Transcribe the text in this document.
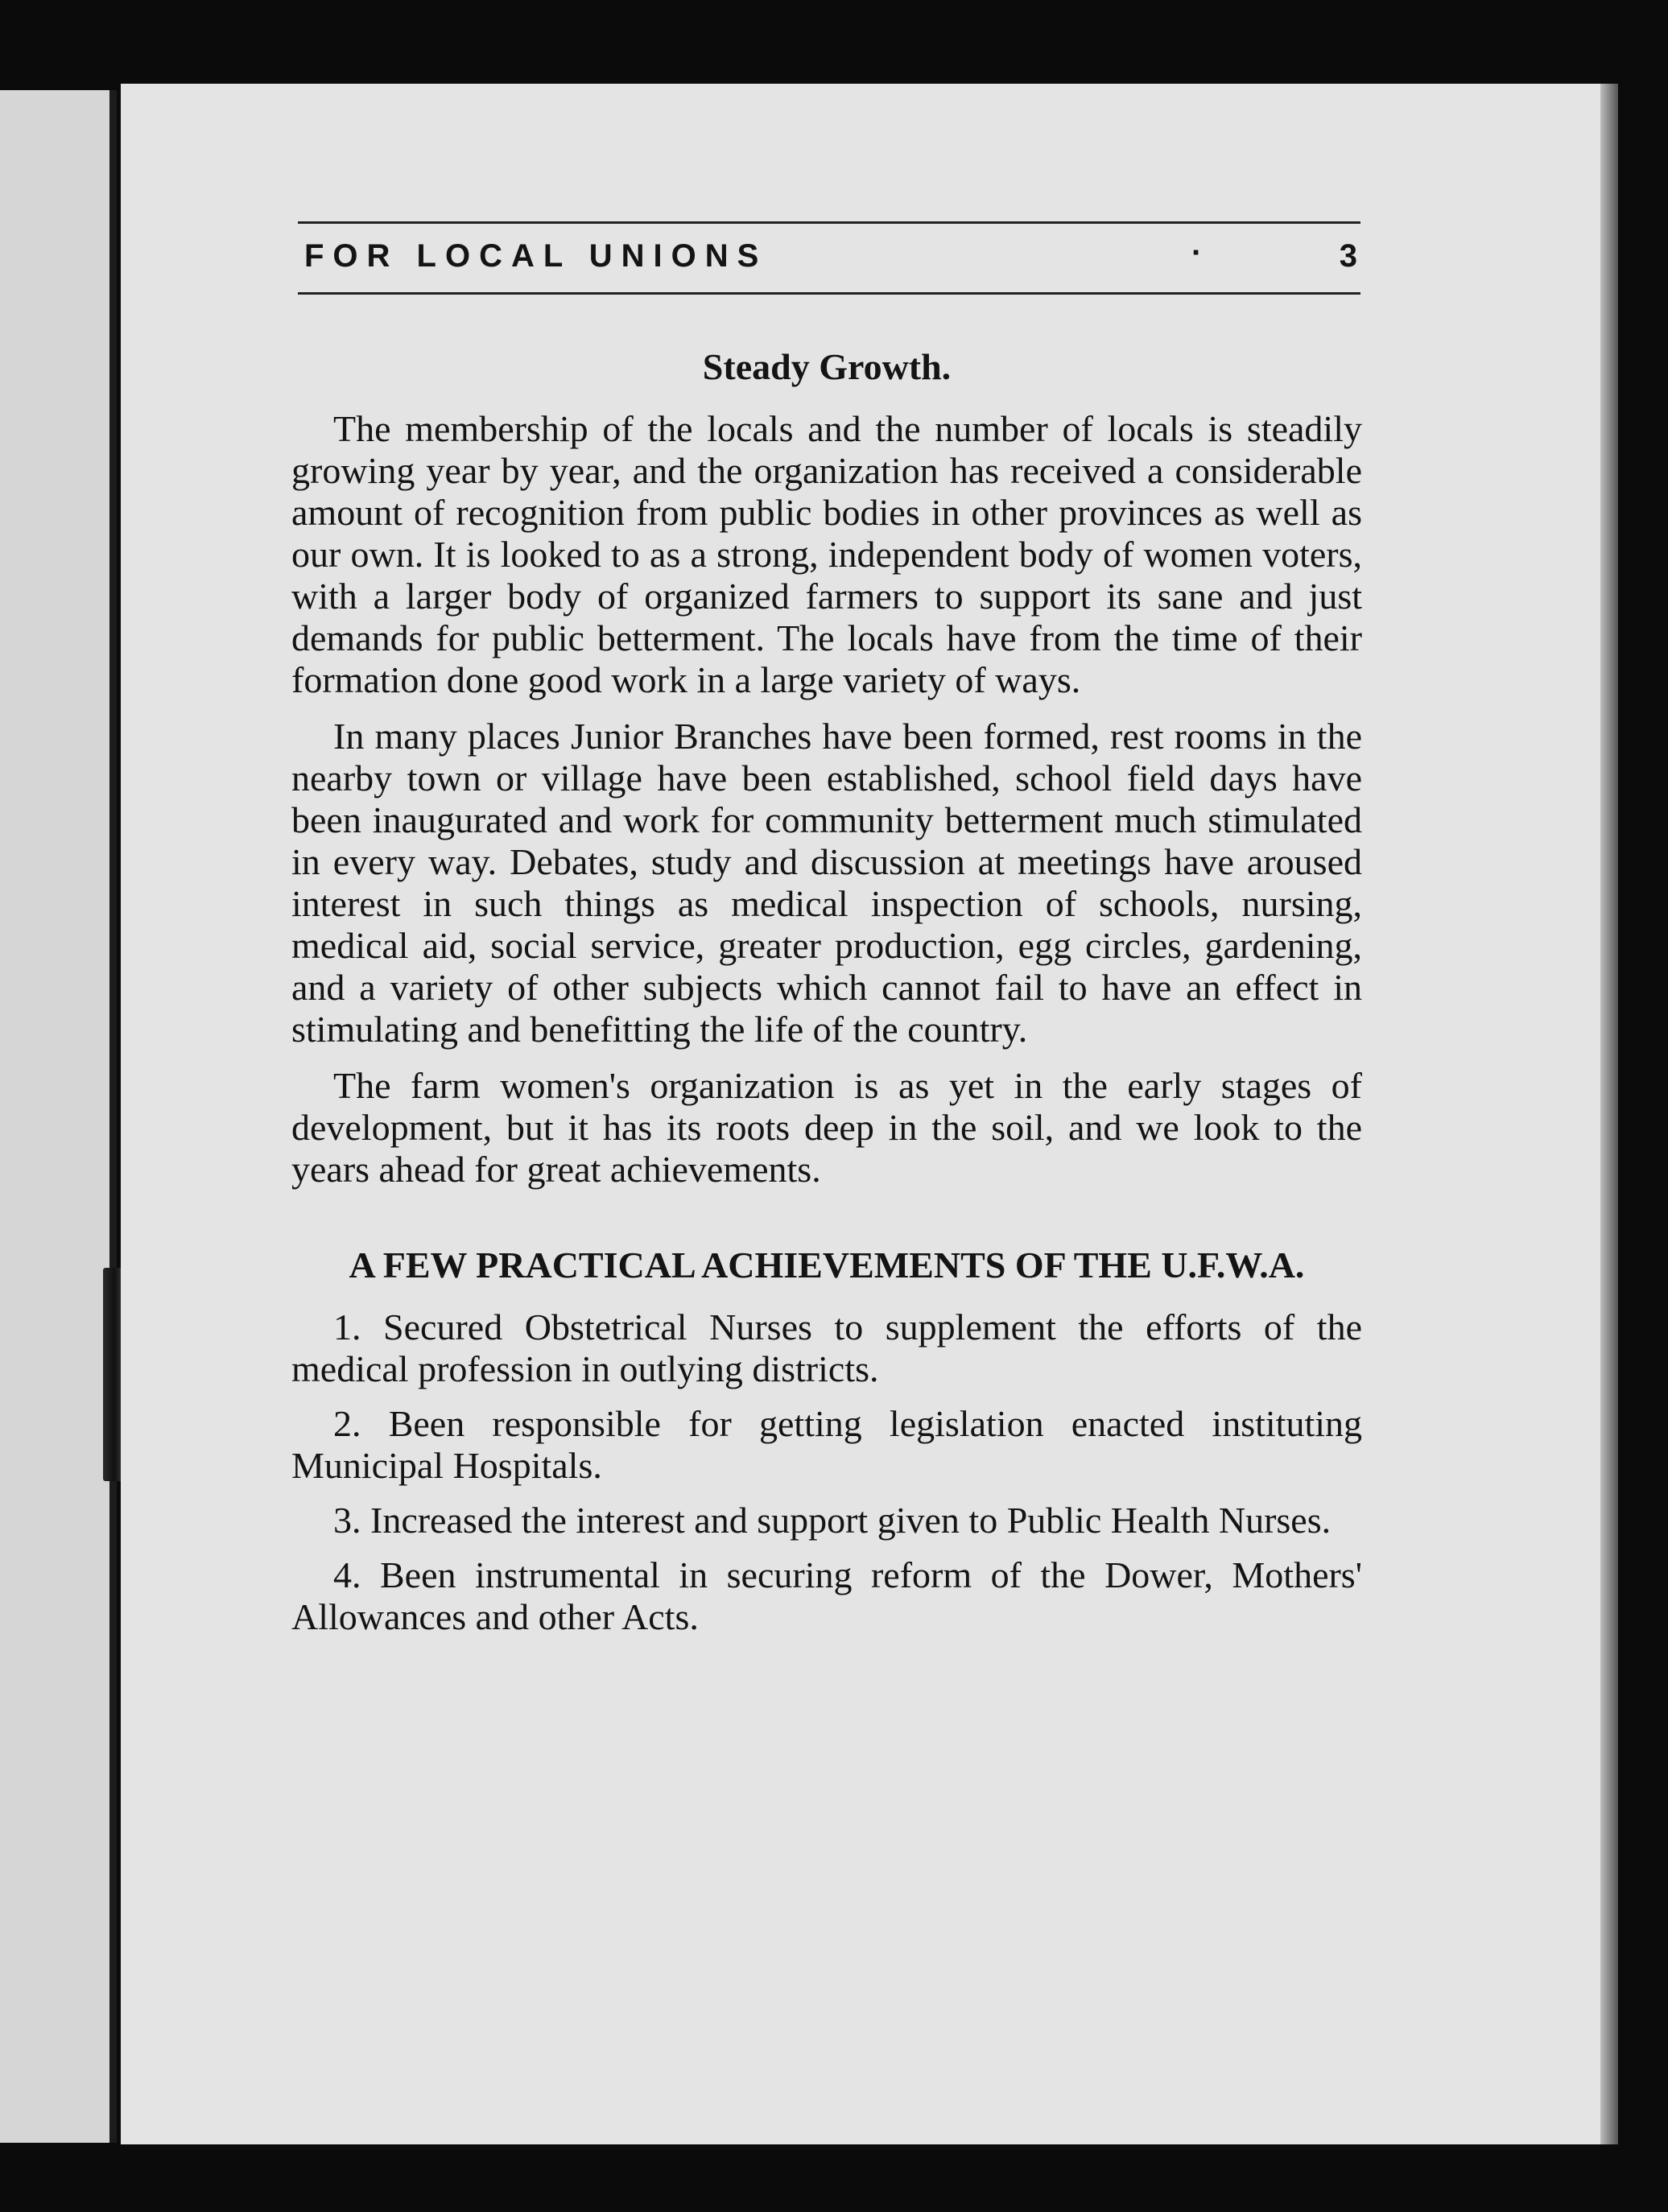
FOR LOCAL UNIONS	·	3
Steady Growth.

The membership of the locals and the number of locals is steadily growing year by year, and the organization has received a considerable amount of recognition from public bodies in other provinces as well as our own. It is looked to as a strong, independent body of women voters, with a larger body of organized farmers to support its sane and just demands for public betterment. The locals have from the time of their formation done good work in a large variety of ways.

In many places Junior Branches have been formed, rest rooms in the nearby town or village have been established, school field days have been inaugurated and work for community betterment much stimulated in every way. Debates, study and discussion at meetings have aroused interest in such things as medical inspection of schools, nursing, medical aid, social service, greater production, egg circles, gardening, and a variety of other subjects which cannot fail to have an effect in stimulating and benefitting the life of the country.

The farm women's organization is as yet in the early stages of development, but it has its roots deep in the soil, and we look to the years ahead for great achievements.

A FEW PRACTICAL ACHIEVEMENTS OF THE U.F.W.A.

1. Secured Obstetrical Nurses to supplement the efforts of the medical profession in outlying districts.

2. Been responsible for getting legislation enacted instituting Municipal Hospitals.

3. Increased the interest and support given to Public Health Nurses.

4. Been instrumental in securing reform of the Dower, Mothers' Allowances and other Acts.
